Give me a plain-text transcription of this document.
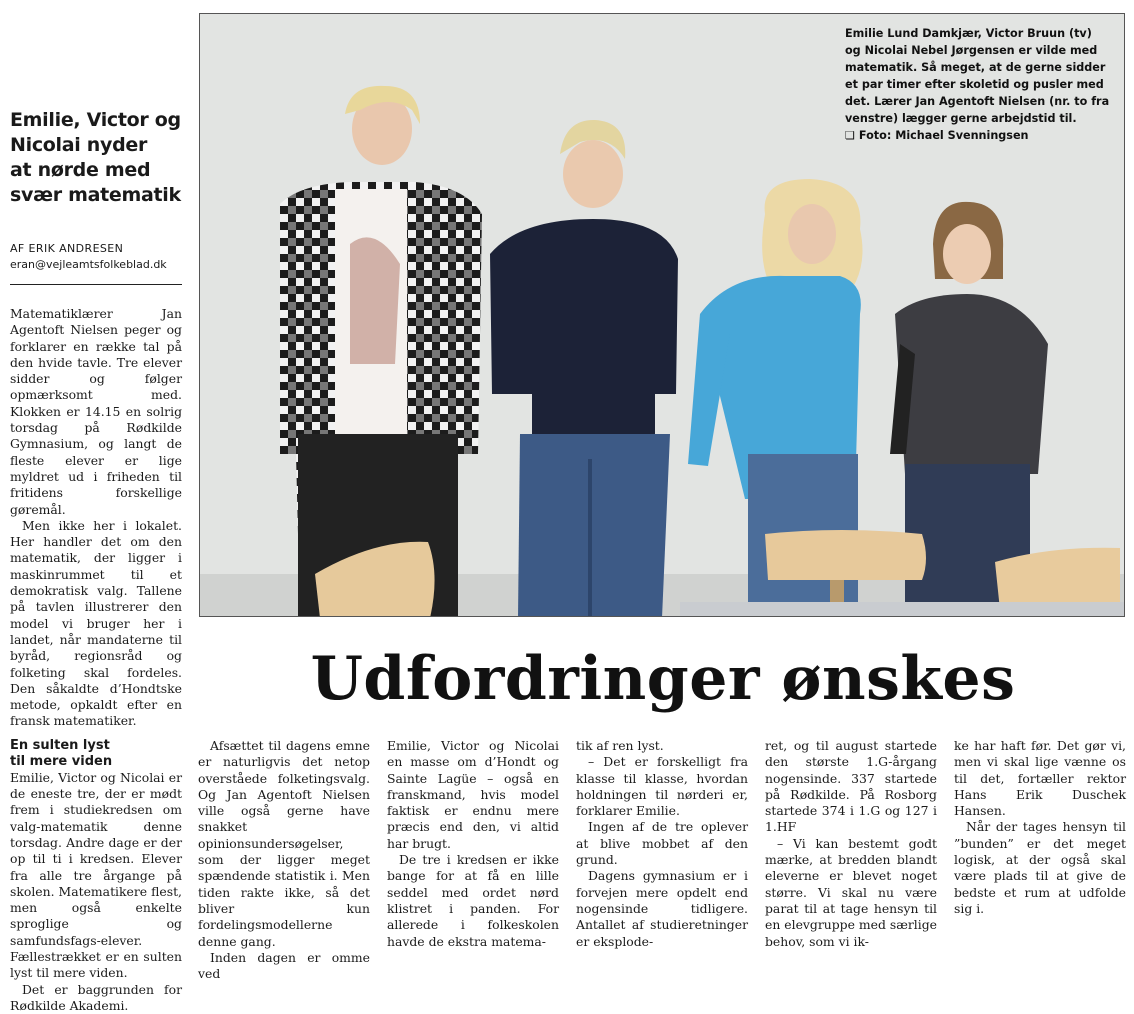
Emilie, Victor og
Nicolai nyder
at nørde med
svær matematik
AF ERIK ANDRESEN
eran@vejleamtsfolkeblad.dk

Matematiklærer Jan Agentoft Nielsen peger og forklarer en række tal på den hvide tavle. Tre elever sidder og følger opmærksomt med. Klokken er 14.15 en solrig torsdag på Rødkilde Gymnasium, og langt de fleste elever er lige myldret ud i friheden til fritidens forskellige gøremål.

Men ikke her i lokalet. Her handler det om den matematik, der ligger i maskinrummet til et demokratisk valg. Tallene på tavlen illustrerer den model vi bruger her i landet, når mandaterne til byråd, regionsråd og folketing skal fordeles. Den såkaldte d’Hondtske metode, opkaldt efter en fransk matematiker.

En sulten lyst
til mere viden

Emilie, Victor og Nicolai er de eneste tre, der er mødt frem i studiekredsen om valg-matematik denne torsdag. Andre dage er der op til ti i kredsen. Elever fra alle tre årgange på skolen. Matematikere flest, men også enkelte sproglige og samfundsfags-elever. Fællestrækket er en sulten lyst til mere viden.

Det er baggrunden for Rødkilde Akademi.

Emilie Lund Damkjær, Victor Bruun (tv)
og Nicolai Nebel Jørgensen er vilde med
matematik. Så meget, at de gerne sidder
et par timer efter skoletid og pusler med
det. Lærer Jan Agentoft Nielsen (nr. to fra
venstre) lægger gerne arbejdstid til.
❏ Foto: Michael Svenningsen
Udfordringer ønskes

Afsættet til dagens emne er naturligvis det netop overståede folketingsvalg. Og Jan Agentoft Nielsen ville også gerne have snakket opinionsundersøgelser, som der ligger meget spændende statistik i. Men tiden rakte ikke, så det bliver kun fordelingsmodellerne denne gang.

Inden dagen er omme ved

Emilie, Victor og Nicolai en masse om d’Hondt og Sainte Lagüe – også en franskmand, hvis model faktisk er endnu mere præcis end den, vi altid har brugt.

De tre i kredsen er ikke bange for at få en lille seddel med ordet nørd klistret i panden. For allerede i folkeskolen havde de ekstra matema-

tik af ren lyst.

– Det er forskelligt fra klasse til klasse, hvordan holdningen til nørderi er, forklarer Emilie.

Ingen af de tre oplever at blive mobbet af den grund.

Dagens gymnasium er i forvejen mere opdelt end nogensinde tidligere. Antallet af studieretninger er eksplode-

ret, og til august startede den største 1.G-årgang nogensinde. 337 startede på Rødkilde. På Rosborg startede 374 i 1.G og 127 i 1.HF

– Vi kan bestemt godt mærke, at bredden blandt eleverne er blevet noget større. Vi skal nu være parat til at tage hensyn til en elevgruppe med særlige behov, som vi ik-

ke har haft før. Det gør vi, men vi skal lige vænne os til det, fortæller rektor Hans Erik Duschek Hansen.

Når der tages hensyn til ”bunden” er det meget logisk, at der også skal være plads til at give de bedste et rum at udfolde sig i.
